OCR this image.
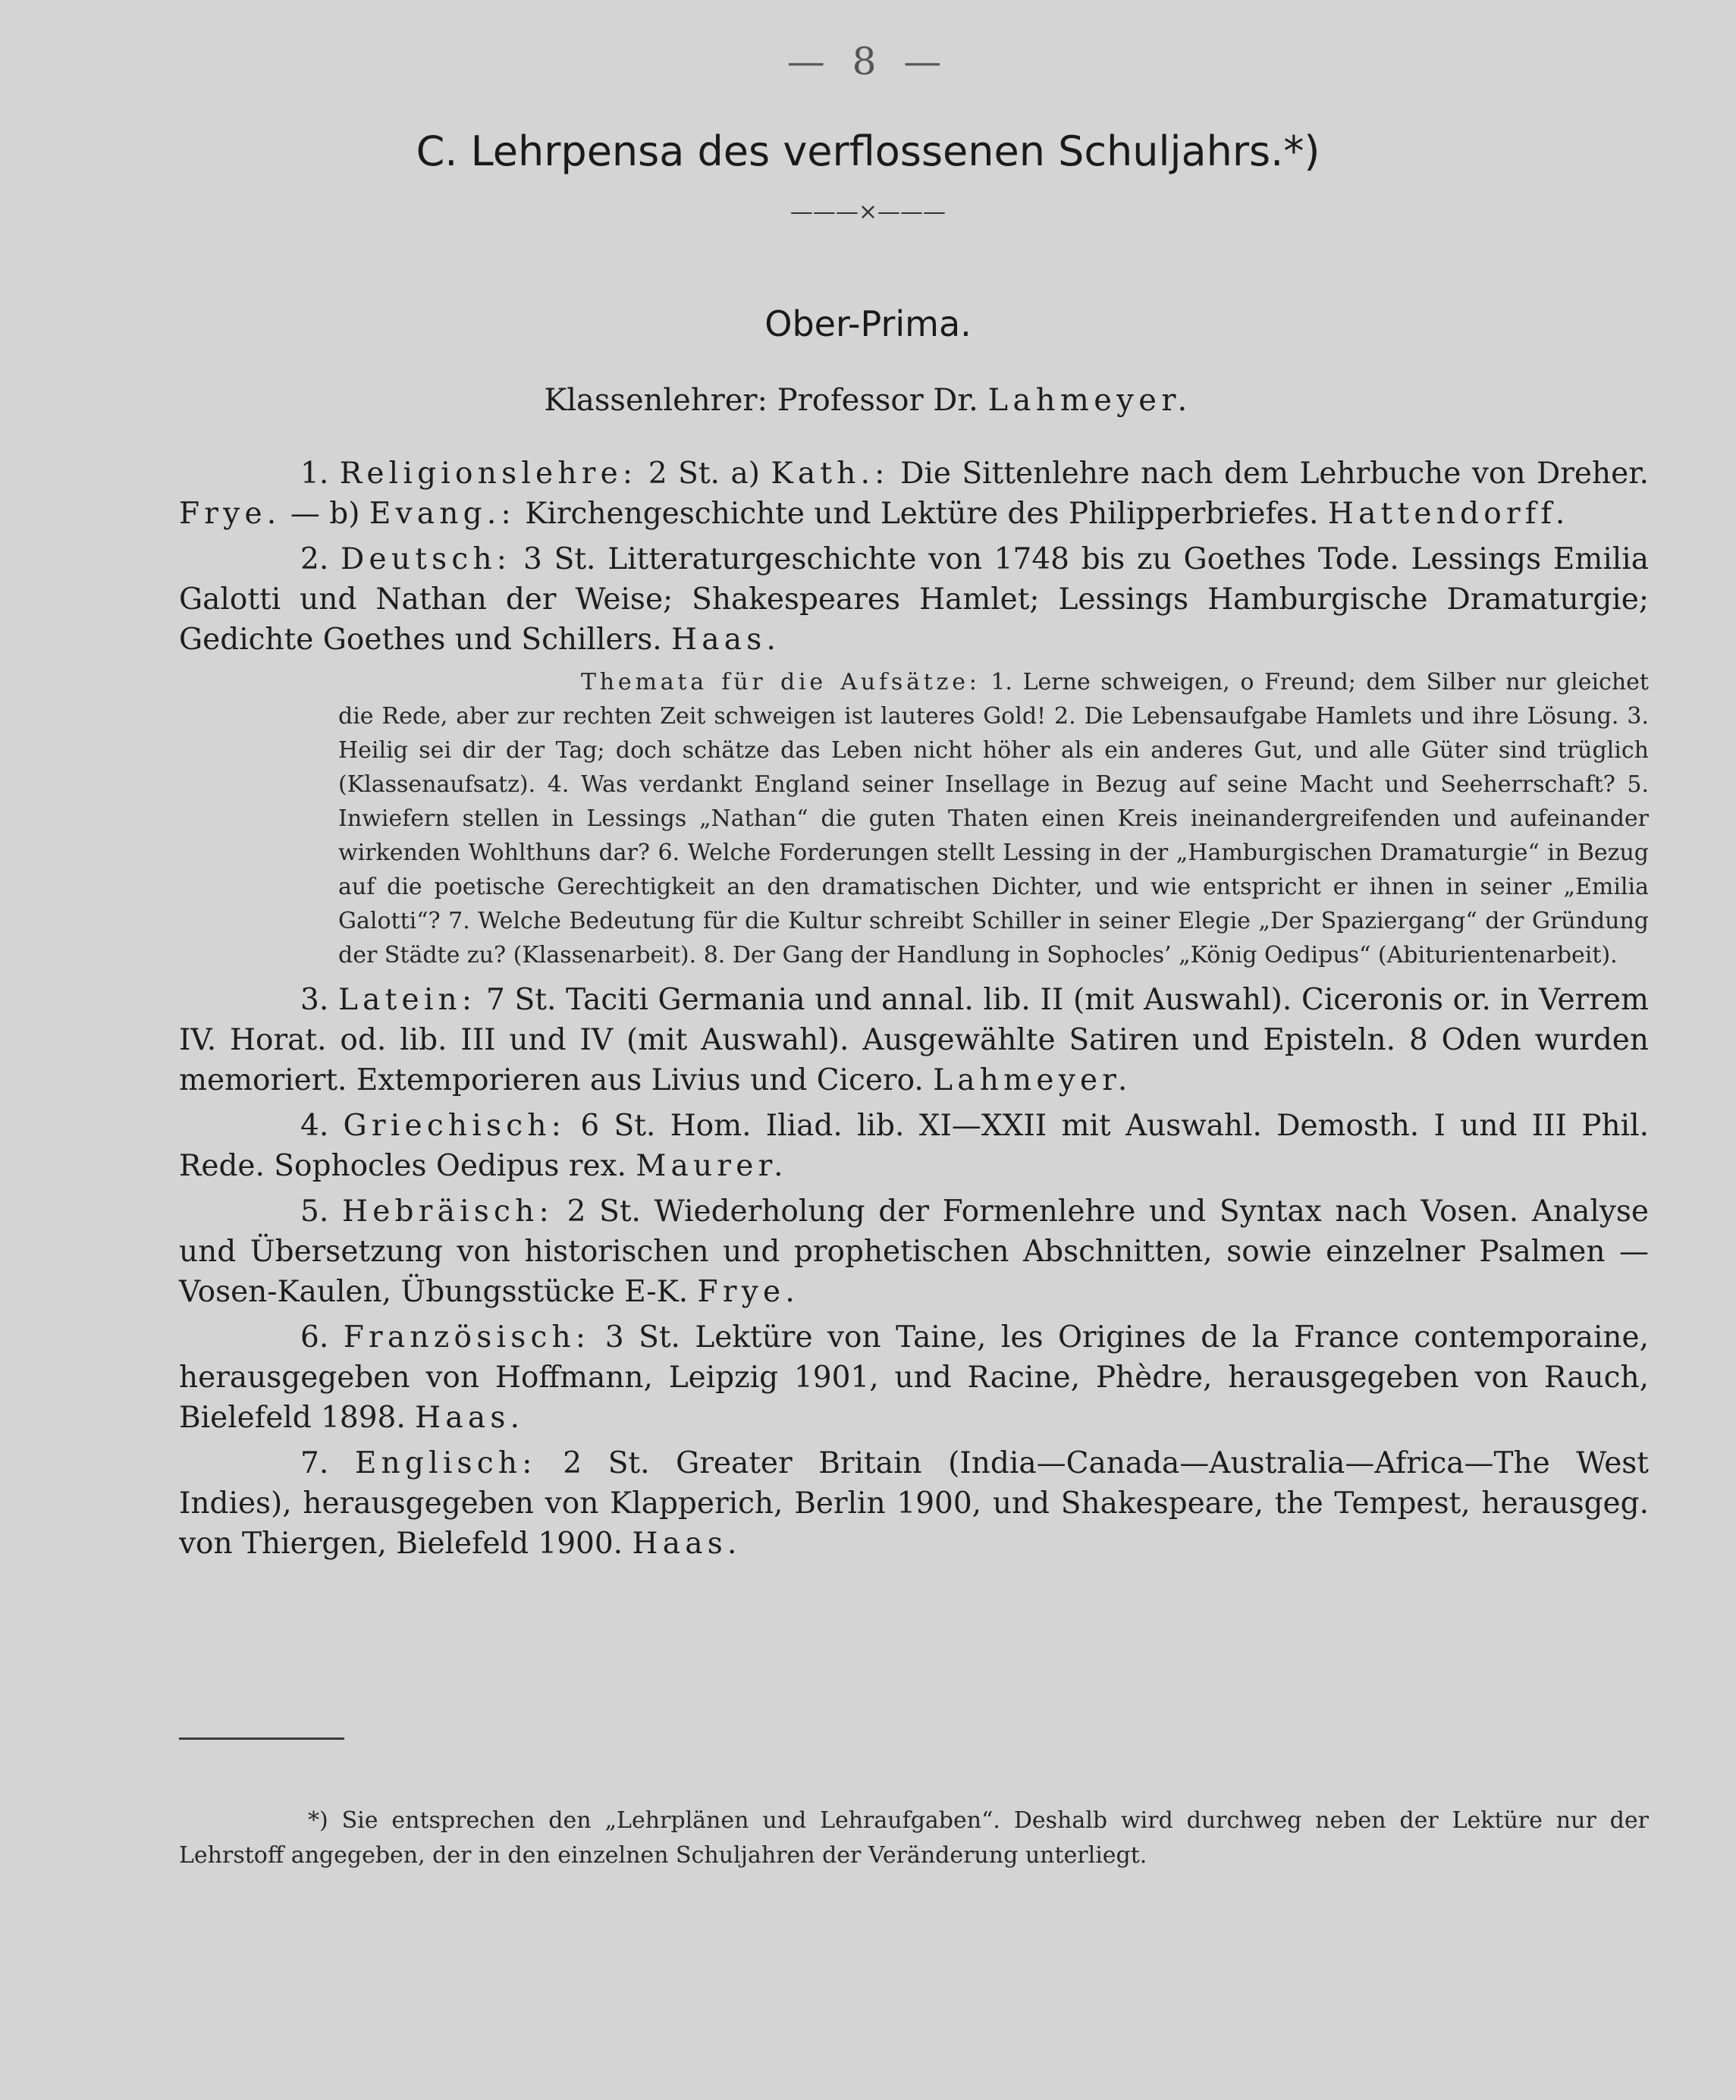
— 8 —
C. Lehrpensa des verflossenen Schuljahrs.*)
———×———
Ober-Prima.
Klassenlehrer: Professor Dr. Lahmeyer.

1. Religionslehre: 2 St. a) Kath.: Die Sittenlehre nach dem Lehrbuche von Dreher. Frye. — b) Evang.: Kirchengeschichte und Lektüre des Philipperbriefes. Hattendorff.

2. Deutsch: 3 St. Litteraturgeschichte von 1748 bis zu Goethes Tode. Lessings Emilia Galotti und Nathan der Weise; Shakespeares Hamlet; Lessings Hamburgische Dramaturgie; Gedichte Goethes und Schillers. Haas.

Themata für die Aufsätze: 1. Lerne schweigen, o Freund; dem Silber nur gleichet die Rede, aber zur rechten Zeit schweigen ist lauteres Gold! 2. Die Lebensaufgabe Hamlets und ihre Lösung. 3. Heilig sei dir der Tag; doch schätze das Leben nicht höher als ein anderes Gut, und alle Güter sind trüglich (Klassenaufsatz). 4. Was verdankt England seiner Insellage in Bezug auf seine Macht und Seeherrschaft? 5. Inwiefern stellen in Lessings „Nathan“ die guten Thaten einen Kreis ineinandergreifenden und aufeinander wirkenden Wohlthuns dar? 6. Welche Forderungen stellt Lessing in der „Hamburgischen Dramaturgie“ in Bezug auf die poetische Gerechtigkeit an den dramatischen Dichter, und wie entspricht er ihnen in seiner „Emilia Galotti“? 7. Welche Bedeutung für die Kultur schreibt Schiller in seiner Elegie „Der Spaziergang“ der Gründung der Städte zu? (Klassenarbeit). 8. Der Gang der Handlung in Sophocles’ „König Oedipus“ (Abiturientenarbeit).

3. Latein: 7 St. Taciti Germania und annal. lib. II (mit Auswahl). Ciceronis or. in Verrem IV. Horat. od. lib. III und IV (mit Auswahl). Ausgewählte Satiren und Episteln. 8 Oden wurden memoriert. Extemporieren aus Livius und Cicero. Lahmeyer.

4. Griechisch: 6 St. Hom. Iliad. lib. XI—XXII mit Auswahl. Demosth. I und III Phil. Rede. Sophocles Oedipus rex. Maurer.

5. Hebräisch: 2 St. Wiederholung der Formenlehre und Syntax nach Vosen. Analyse und Übersetzung von historischen und prophetischen Abschnitten, sowie einzelner Psalmen — Vosen-Kaulen, Übungsstücke E-K. Frye.

6. Französisch: 3 St. Lektüre von Taine, les Origines de la France contemporaine, herausgegeben von Hoffmann, Leipzig 1901, und Racine, Phèdre, herausgegeben von Rauch, Bielefeld 1898. Haas.

7. Englisch: 2 St. Greater Britain (India—Canada—Australia—Africa—The West Indies), herausgegeben von Klapperich, Berlin 1900, und Shakespeare, the Tempest, herausgeg. von Thiergen, Bielefeld 1900. Haas.

*) Sie entsprechen den „Lehrplänen und Lehraufgaben“. Deshalb wird durchweg neben der Lektüre nur der Lehrstoff angegeben, der in den einzelnen Schuljahren der Veränderung unterliegt.
